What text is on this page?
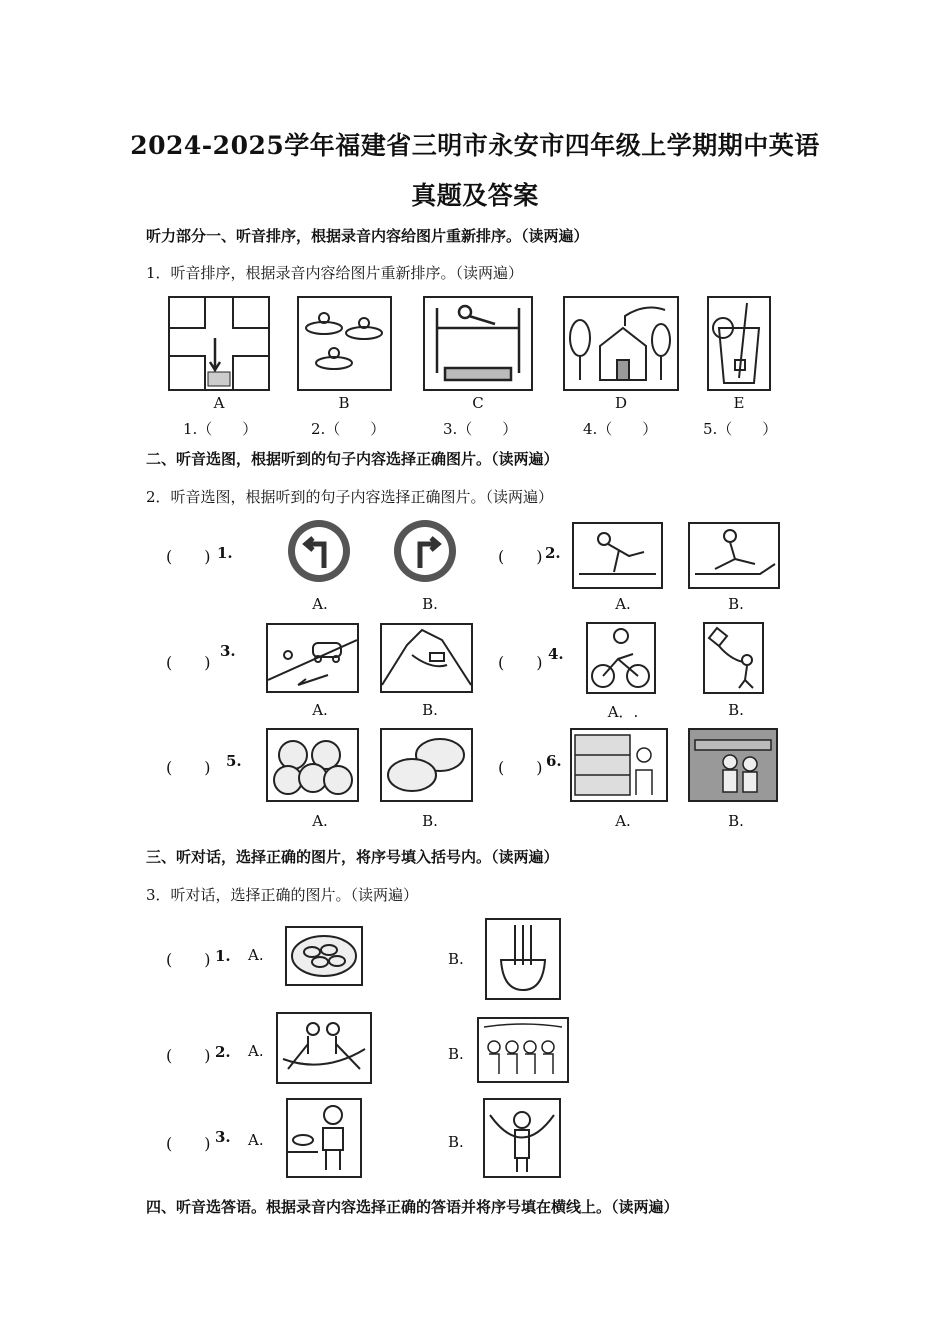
2024-2025学年福建省三明市永安市四年级上学期期中英语
真题及答案
听力部分一、听音排序，根据录音内容给图片重新排序。（读两遍）
1．听音排序，根据录音内容给图片重新排序。（读两遍）
A	B	C	D	E
1.（　　）	2.（　　）	3.（　　）	4.（　　）	5.（　　）
二、听音选图，根据听到的句子内容选择正确图片。（读两遍）
2．听音选图，根据听到的句子内容选择正确图片。（读两遍）
(　　) 1.
A.	B.
(　　) 2.
A.	B.
(　　)
3.
A.	B.
(　　) 4.
A．.	B.
(　　) 5.
A.	B.
(　　) 6.
A.	B.
三、听对话，选择正确的图片，将序号填入括号内。（读两遍）
3．听对话，选择正确的图片。（读两遍）
(　　) 1. A.	B.
(　　) 2. A.	B.
(　　) 3. A.	B.
四、听音选答语。根据录音内容选择正确的答语并将序号填在横线上。（读两遍）
